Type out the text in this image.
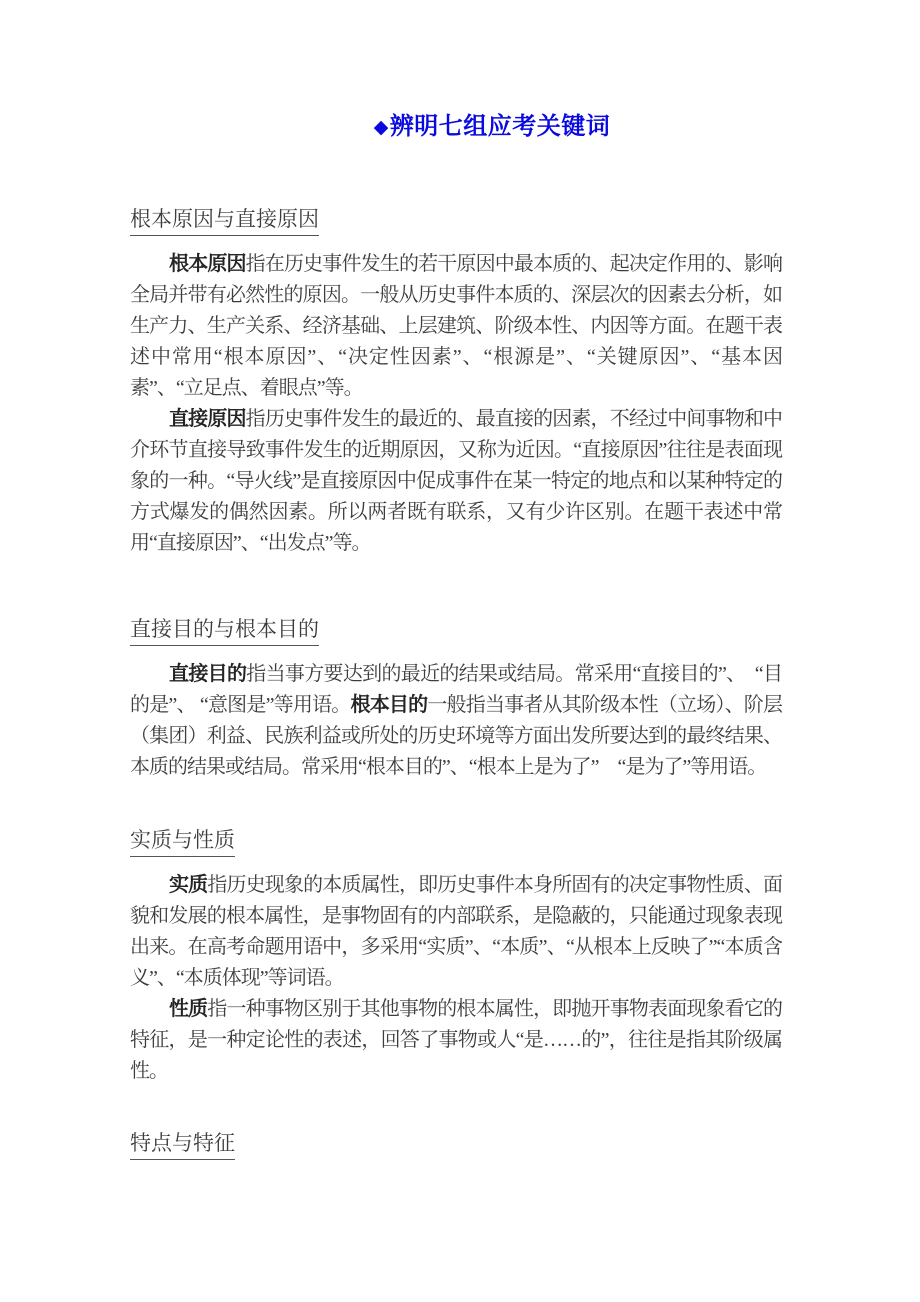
◆辨明七组应考关键词
根本原因与直接原因

根本原因指在历史事件发生的若干原因中最本质的、起决定作用的、影响全局并带有必然性的原因。一般从历史事件本质的、深层次的因素去分析，如生产力、生产关系、经济基础、上层建筑、阶级本性、内因等方面。在题干表述中常用“根本原因”、“决定性因素”、“根源是”、“关键原因”、“基本因素”、“立足点、着眼点”等。

直接原因指历史事件发生的最近的、最直接的因素，不经过中间事物和中介环节直接导致事件发生的近期原因，又称为近因。“直接原因”往往是表面现象的一种。“导火线”是直接原因中促成事件在某一特定的地点和以某种特定的方式爆发的偶然因素。所以两者既有联系，又有少许区别。在题干表述中常用“直接原因”、“出发点”等。

直接目的与根本目的

直接目的指当事方要达到的最近的结果或结局。常采用“直接目的”、　“目的是”、 “意图是”等用语。根本目的一般指当事者从其阶级本性（立场）、阶层（集团）利益、民族利益或所处的历史环境等方面出发所要达到的最终结果、本质的结果或结局。常采用“根本目的”、“根本上是为了”　“是为了”等用语。

实质与性质

实质指历史现象的本质属性，即历史事件本身所固有的决定事物性质、面貌和发展的根本属性，是事物固有的内部联系，是隐蔽的，只能通过现象表现出来。在高考命题用语中，多采用“实质”、“本质”、“从根本上反映了”“本质含义”、“本质体现”等词语。

性质指一种事物区别于其他事物的根本属性，即抛开事物表面现象看它的特征，是一种定论性的表述，回答了事物或人“是……的”，往往是指其阶级属性。

特点与特征
